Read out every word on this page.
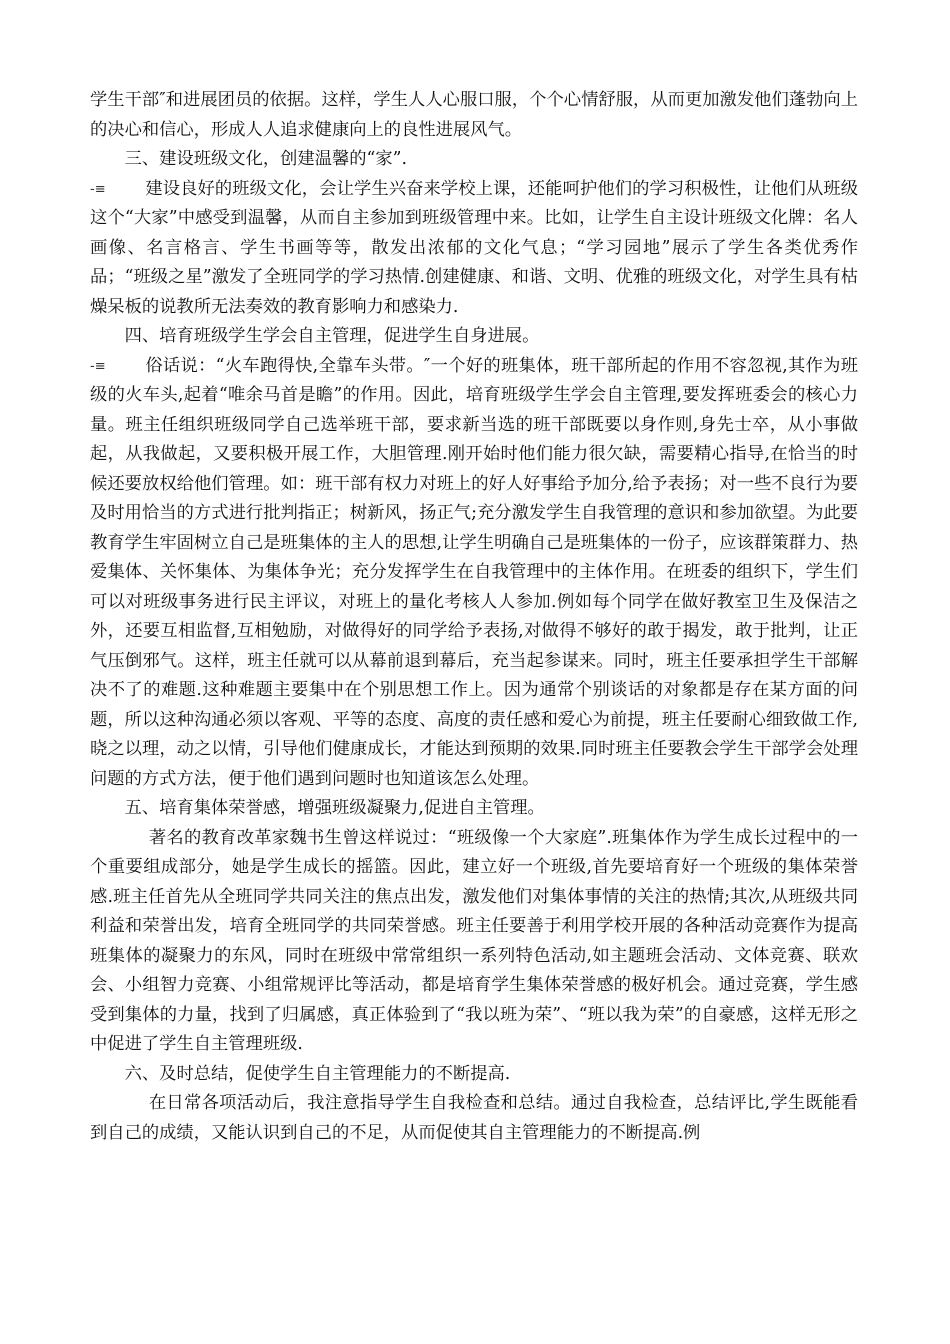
学生干部″和进展团员的依据。这样，学生人人心服口服，个个心情舒服，从而更加激发他们蓬勃向上的决心和信心，形成人人追求健康向上的良性进展风气。

三、建设班级文化，创建温馨的“家”.

-≡	建设良好的班级文化，会让学生兴奋来学校上课，还能呵护他们的学习积极性，让他们从班级这个“大家”中感受到温馨，从而自主参加到班级管理中来。比如，让学生自主设计班级文化牌：名人画像、名言格言、学生书画等等，散发出浓郁的文化气息；“学习园地”展示了学生各类优秀作品；“班级之星”激发了全班同学的学习热情.创建健康、和谐、文明、优雅的班级文化，对学生具有枯燥呆板的说教所无法奏效的教育影响力和感染力.

四、培育班级学生学会自主管理，促进学生自身进展。

-≡	俗话说：“火车跑得快,全靠车头带。″一个好的班集体，班干部所起的作用不容忽视,其作为班级的火车头,起着“唯余马首是瞻”的作用。因此，培育班级学生学会自主管理,要发挥班委会的核心力量。班主任组织班级同学自己选举班干部，要求新当选的班干部既要以身作则,身先士卒，从小事做起，从我做起，又要积极开展工作，大胆管理.刚开始时他们能力很欠缺，需要精心指导,在恰当的时候还要放权给他们管理。如：班干部有权力对班上的好人好事给予加分,给予表扬；对一些不良行为要及时用恰当的方式进行批判指正；树新风，扬正气;充分激发学生自我管理的意识和参加欲望。为此要教育学生牢固树立自己是班集体的主人的思想,让学生明确自己是班集体的一份子，应该群策群力、热爱集体、关怀集体、为集体争光；充分发挥学生在自我管理中的主体作用。在班委的组织下，学生们可以对班级事务进行民主评议，对班上的量化考核人人参加.例如每个同学在做好教室卫生及保洁之外，还要互相监督,互相勉励，对做得好的同学给予表扬,对做得不够好的敢于揭发，敢于批判，让正气压倒邪气。这样，班主任就可以从幕前退到幕后，充当起参谋来。同时，班主任要承担学生干部解决不了的难题.这种难题主要集中在个别思想工作上。因为通常个别谈话的对象都是存在某方面的问题，所以这种沟通必须以客观、平等的态度、高度的责任感和爱心为前提，班主任要耐心细致做工作,晓之以理，动之以情，引导他们健康成长，才能达到预期的效果.同时班主任要教会学生干部学会处理问题的方式方法，便于他们遇到问题时也知道该怎么处理。

五、培育集体荣誉感，增强班级凝聚力,促进自主管理。

著名的教育改革家魏书生曾这样说过：“班级像一个大家庭”.班集体作为学生成长过程中的一个重要组成部分，她是学生成长的摇篮。因此，建立好一个班级,首先要培育好一个班级的集体荣誉感.班主任首先从全班同学共同关注的焦点出发，激发他们对集体事情的关注的热情;其次,从班级共同利益和荣誉出发，培育全班同学的共同荣誉感。班主任要善于利用学校开展的各种活动竞赛作为提高班集体的凝聚力的东风，同时在班级中常常组织一系列特色活动,如主题班会活动、文体竞赛、联欢会、小组智力竞赛、小组常规评比等活动，都是培育学生集体荣誉感的极好机会。通过竞赛，学生感受到集体的力量，找到了归属感，真正体验到了“我以班为荣”、“班以我为荣”的自豪感，这样无形之中促进了学生自主管理班级.

六、及时总结，促使学生自主管理能力的不断提高.

在日常各项活动后，我注意指导学生自我检查和总结。通过自我检查，总结评比,学生既能看到自己的成绩，又能认识到自己的不足，从而促使其自主管理能力的不断提高.例
